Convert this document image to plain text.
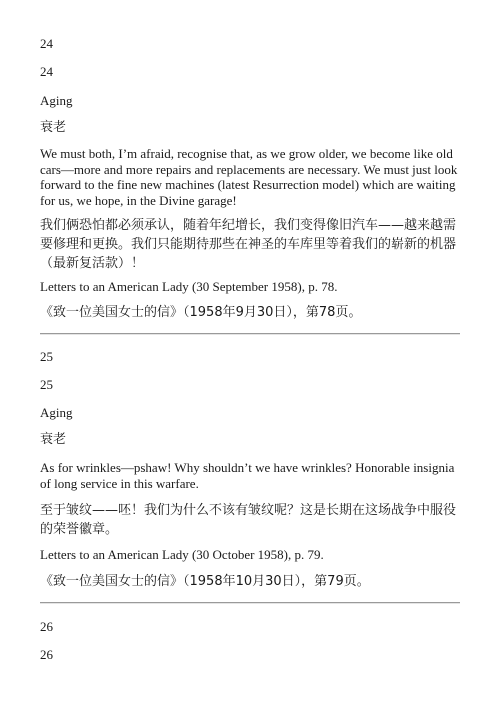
24

24

Aging

衰老

We must both, I’m afraid, recognise that, as we grow older, we become like old cars—more and more repairs and replacements are necessary. We must just look forward to the fine new machines (latest Resurrection model) which are waiting for us, we hope, in the Divine garage!

我们俩恐怕都必须承认，随着年纪增长，我们变得像旧汽车——越来越需要修理和更换。我们只能期待那些在神圣的车库里等着我们的崭新的机器（最新复活款）！

Letters to an American Lady (30 September 1958), p. 78.

《致一位美国女士的信》（1958年9月30日），第78页。

25

25

Aging

衰老

As for wrinkles—pshaw! Why shouldn’t we have wrinkles? Honorable insignia of long service in this warfare.

至于皱纹——呸！我们为什么不该有皱纹呢？这是长期在这场战争中服役的荣誉徽章。

Letters to an American Lady (30 October 1958), p. 79.

《致一位美国女士的信》（1958年10月30日），第79页。

26

26
